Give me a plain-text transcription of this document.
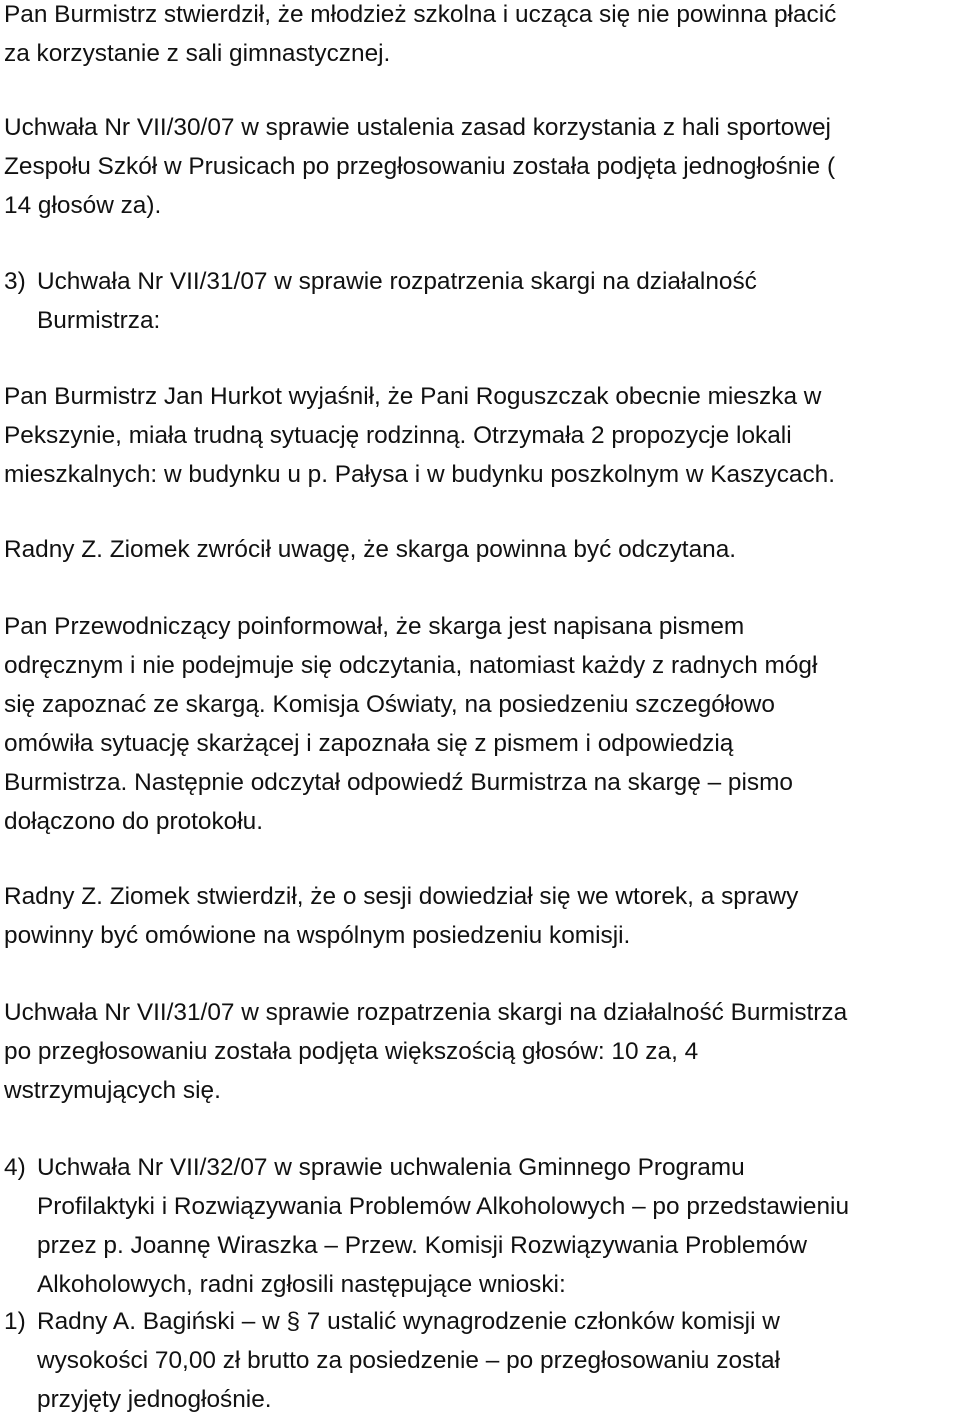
Pan Burmistrz stwierdził, że młodzież szkolna i ucząca się nie powinna płacić
za korzystanie z sali gimnastycznej.

Uchwała Nr VII/30/07 w sprawie ustalenia zasad korzystania z hali sportowej
Zespołu Szkół w Prusicach po przegłosowaniu została podjęta jednogłośnie (
14 głosów za).

3) Uchwała Nr VII/31/07 w sprawie rozpatrzenia skargi na działalność
Burmistrza:

Pan Burmistrz Jan Hurkot wyjaśnił, że Pani Roguszczak obecnie mieszka w
Pekszynie, miała trudną sytuację rodzinną. Otrzymała 2 propozycje lokali
mieszkalnych: w budynku u p. Pałysa i w budynku poszkolnym w Kaszycach.

Radny Z. Ziomek zwrócił uwagę, że skarga powinna być odczytana.

Pan Przewodniczący poinformował, że skarga jest napisana pismem
odręcznym i nie podejmuje się odczytania, natomiast każdy z radnych mógł
się zapoznać ze skargą. Komisja Oświaty, na posiedzeniu szczegółowo
omówiła sytuację skarżącej i zapoznała się z pismem i odpowiedzią
Burmistrza. Następnie odczytał odpowiedź Burmistrza na skargę – pismo
dołączono do protokołu.

Radny Z. Ziomek stwierdził, że o sesji dowiedział się we wtorek, a sprawy
powinny być omówione na wspólnym posiedzeniu komisji.

Uchwała Nr VII/31/07 w sprawie rozpatrzenia skargi na działalność Burmistrza
po przegłosowaniu została podjęta większością głosów: 10 za, 4
wstrzymujących się.

4) Uchwała Nr VII/32/07 w sprawie uchwalenia Gminnego Programu
Profilaktyki i Rozwiązywania Problemów Alkoholowych – po przedstawieniu
przez p. Joannę Wiraszka – Przew. Komisji Rozwiązywania Problemów
Alkoholowych, radni zgłosili następujące wnioski:
1) Radny A. Bagiński – w § 7 ustalić wynagrodzenie członków komisji w
wysokości 70,00 zł brutto za posiedzenie – po przegłosowaniu został
przyjęty jednogłośnie.
